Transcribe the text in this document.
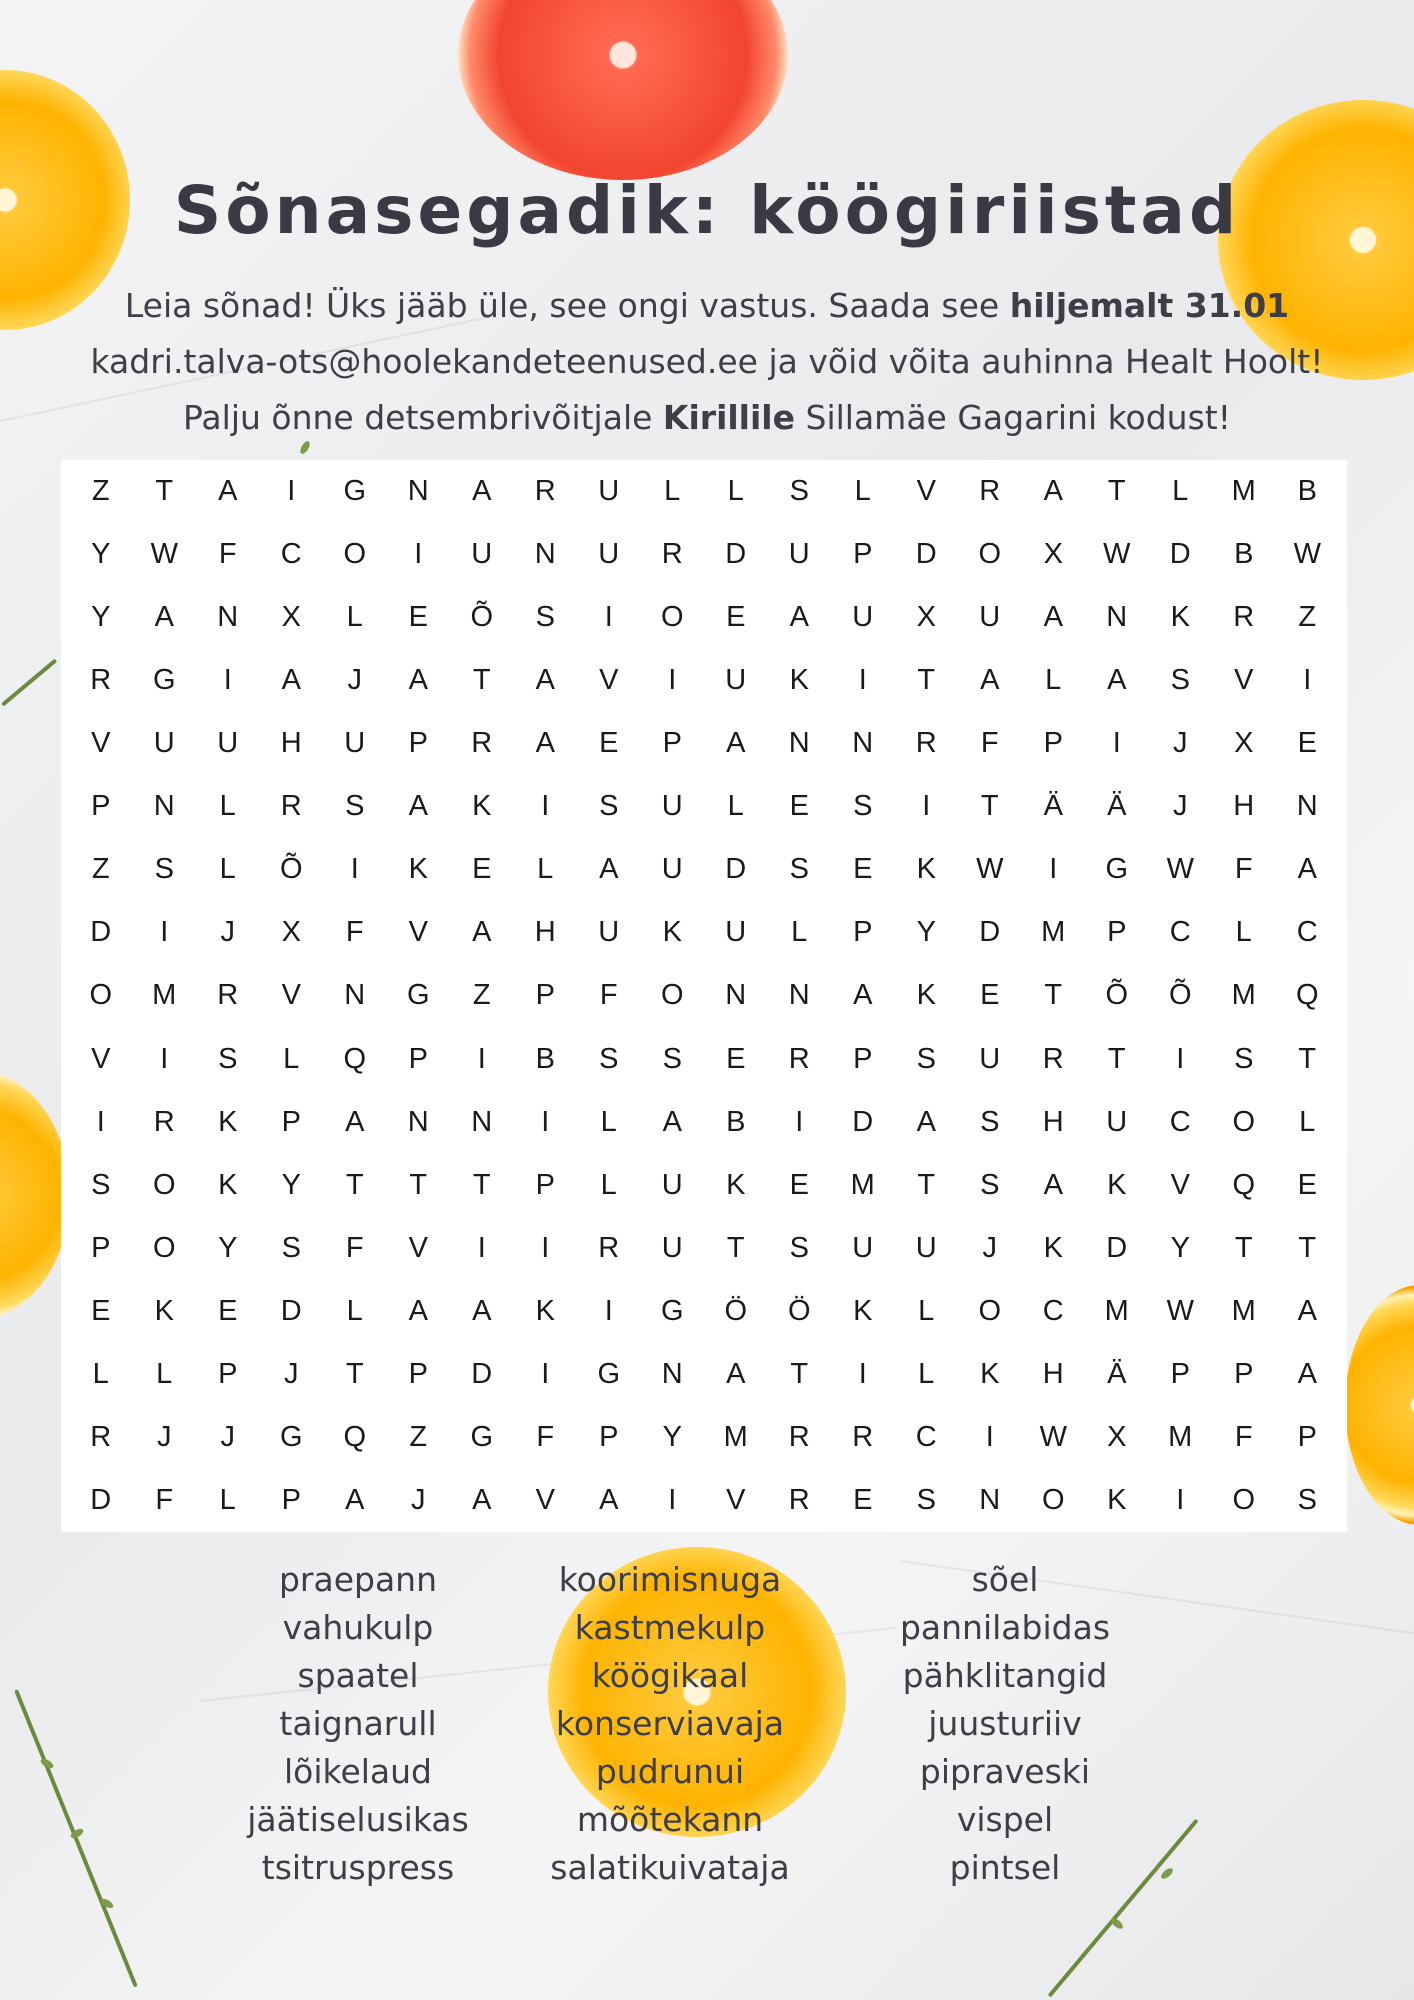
Sõnasegadik: köögiriistad
Leia sõnad! Üks jääb üle, see ongi vastus. Saada see hiljemalt 31.01 kadri.talva-ots@hoolekandeteenused.ee ja võid võita auhinna Healt Hoolt! Palju õnne detsembrivõitjale Kirillile Sillamäe Gagarini kodust!
Z	T	A	I	G	N	A	R	U	L	L	S	L	V	R	A	T	L	M	B
Y	W	F	C	O	I	U	N	U	R	D	U	P	D	O	X	W	D	B	W
Y	A	N	X	L	E	Õ	S	I	O	E	A	U	X	U	A	N	K	R	Z
R	G	I	A	J	A	T	A	V	I	U	K	I	T	A	L	A	S	V	I
V	U	U	H	U	P	R	A	E	P	A	N	N	R	F	P	I	J	X	E
P	N	L	R	S	A	K	I	S	U	L	E	S	I	T	Ä	Ä	J	H	N
Z	S	L	Õ	I	K	E	L	A	U	D	S	E	K	W	I	G	W	F	A
D	I	J	X	F	V	A	H	U	K	U	L	P	Y	D	M	P	C	L	C
O	M	R	V	N	G	Z	P	F	O	N	N	A	K	E	T	Õ	Õ	M	Q
V	I	S	L	Q	P	I	B	S	S	E	R	P	S	U	R	T	I	S	T
I	R	K	P	A	N	N	I	L	A	B	I	D	A	S	H	U	C	O	L
S	O	K	Y	T	T	T	P	L	U	K	E	M	T	S	A	K	V	Q	E
P	O	Y	S	F	V	I	I	R	U	T	S	U	U	J	K	D	Y	T	T
E	K	E	D	L	A	A	K	I	G	Ö	Ö	K	L	O	C	M	W	M	A
L	L	P	J	T	P	D	I	G	N	A	T	I	L	K	H	Ä	P	P	A
R	J	J	G	Q	Z	G	F	P	Y	M	R	R	C	I	W	X	M	F	P
D	F	L	P	A	J	A	V	A	I	V	R	E	S	N	O	K	I	O	S
praepann
vahukulp
spaatel
taignarull
lõikelaud
jäätiselusikas
tsitruspress
koorimisnuga
kastmekulp
köögikaal
konserviavaja
pudrunui
mõõtekann
salatikuivataja
sõel
pannilabidas
pähklitangid
juusturiiv
pipraveski
vispel
pintsel
